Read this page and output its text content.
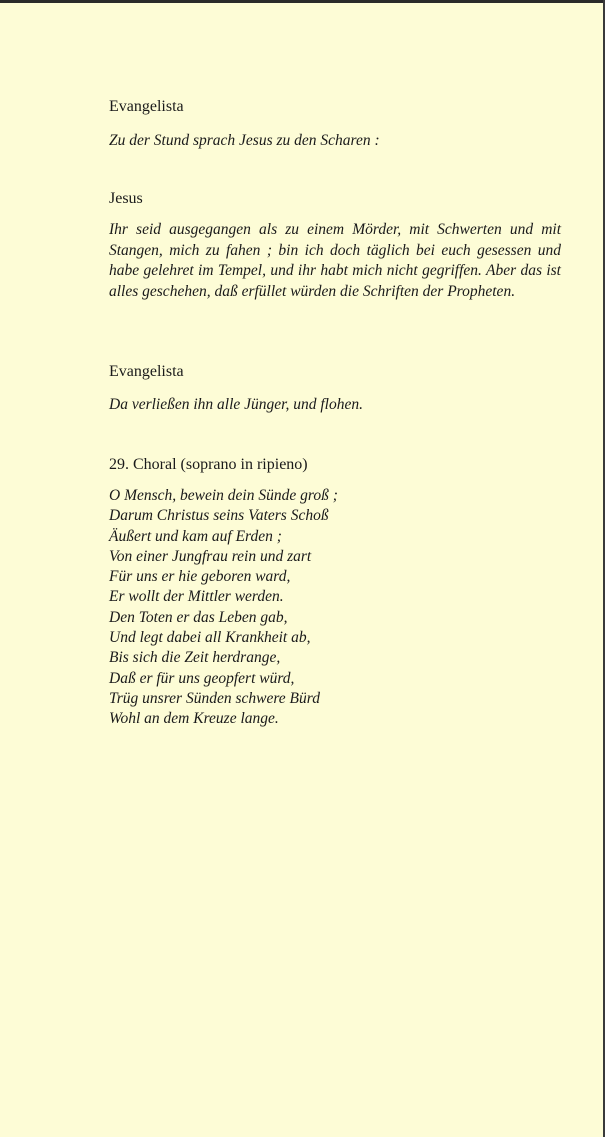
Evangelista

Zu der Stund sprach Jesus zu den Scharen :

Jesus

Ihr seid ausgegangen als zu einem Mörder, mit Schwerten und mit Stangen, mich zu fahen ; bin ich doch täglich bei euch gesessen und habe gelehret im Tempel, und ihr habt mich nicht gegriffen. Aber das ist alles geschehen, daß erfüllet würden die Schriften der Propheten.

Evangelista

Da verließen ihn alle Jünger, und flohen.

29. Choral (soprano in ripieno)

O Mensch, bewein dein Sünde groß ;

Darum Christus seins Vaters Schoß

Äußert und kam auf Erden ;

Von einer Jungfrau rein und zart

Für uns er hie geboren ward,

Er wollt der Mittler werden.

Den Toten er das Leben gab,

Und legt dabei all Krankheit ab,

Bis sich die Zeit herdrange,

Daß er für uns geopfert würd,

Trüg unsrer Sünden schwere Bürd

Wohl an dem Kreuze lange.
